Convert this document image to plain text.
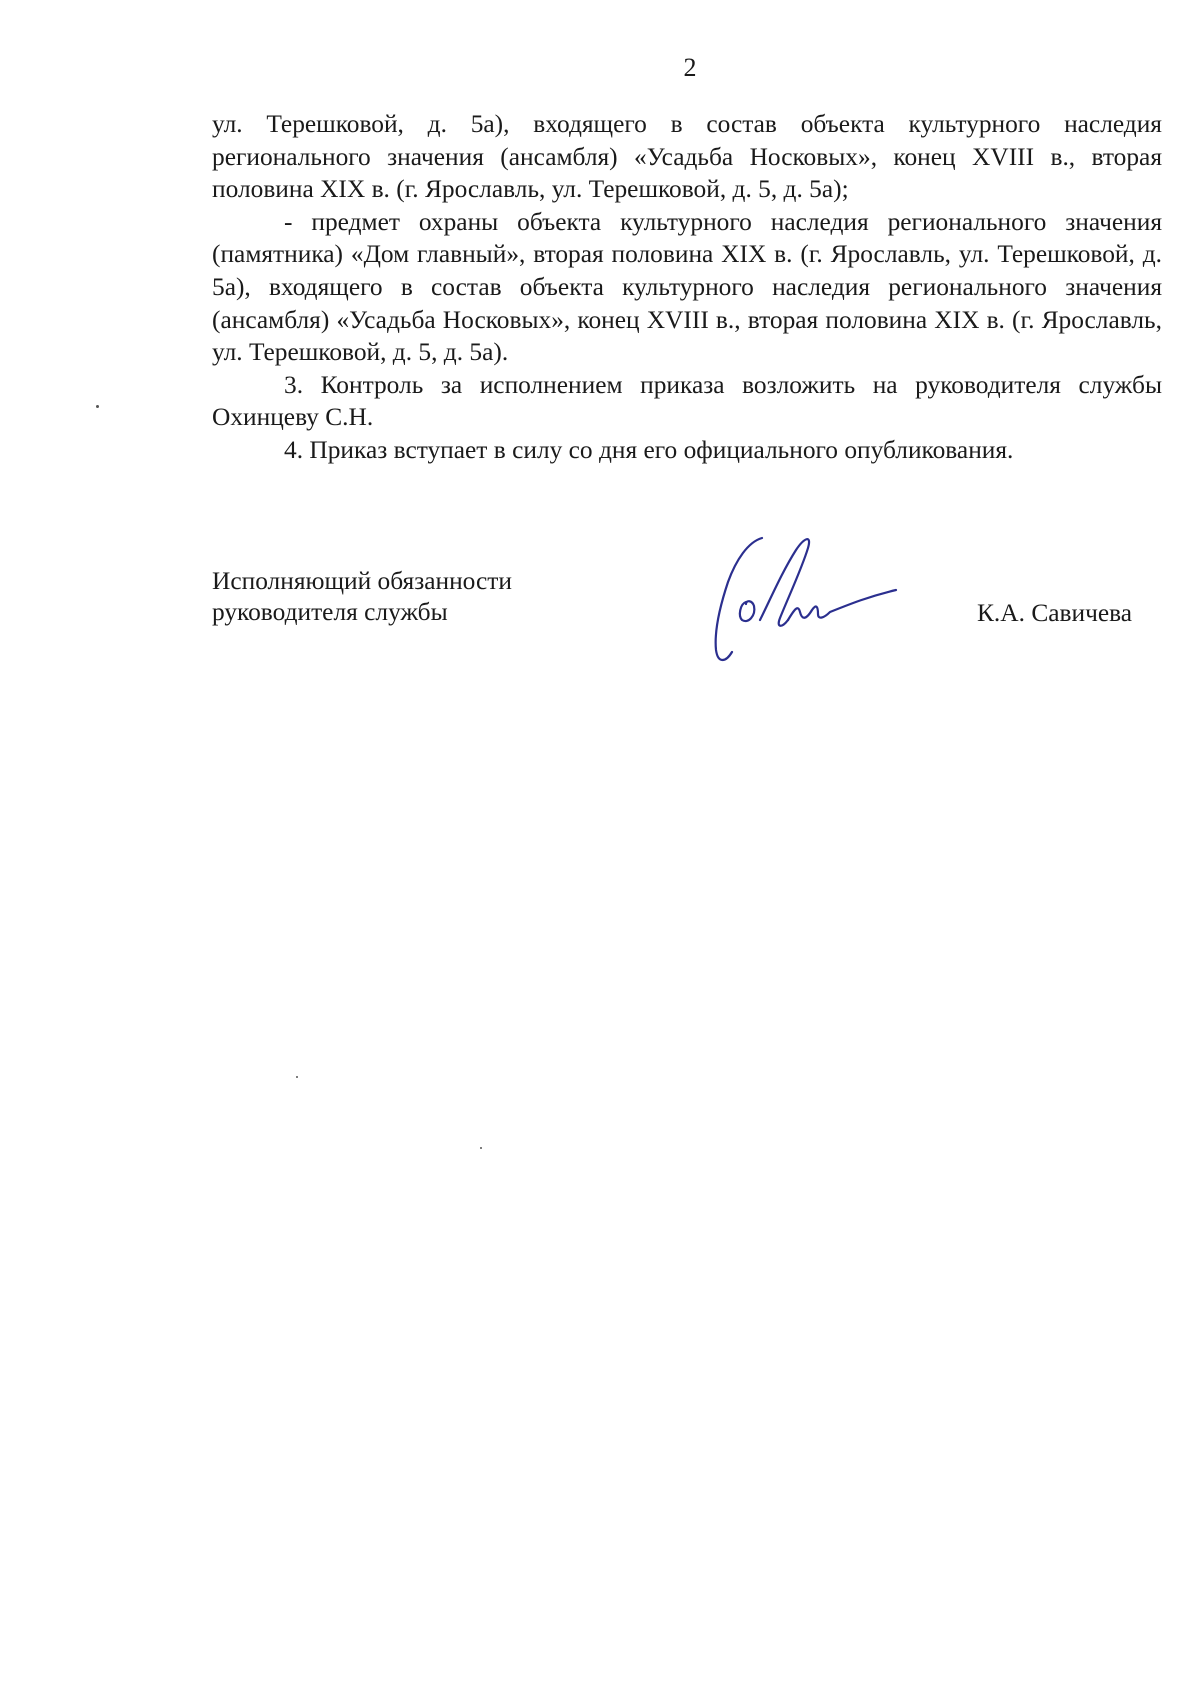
2

ул. Терешковой, д. 5а), входящего в состав объекта культурного наследия регионального значения (ансамбля) «Усадьба Носковых», конец XVIII в., вторая половина XIX в. (г. Ярославль, ул. Терешковой, д. 5, д. 5а);

- предмет охраны объекта культурного наследия регионального значения (памятника) «Дом главный», вторая половина XIX в. (г. Ярославль, ул. Терешковой, д. 5а), входящего в состав объекта культурного наследия регионального значения (ансамбля) «Усадьба Носковых», конец XVIII в., вторая половина XIX в. (г. Ярославль, ул. Терешковой, д. 5, д. 5а).

3. Контроль за исполнением приказа возложить на руководителя службы Охинцеву С.Н.

4. Приказ вступает в силу со дня его официального опубликования.

Исполняющий обязанности
руководителя службы	К.А. Савичева
